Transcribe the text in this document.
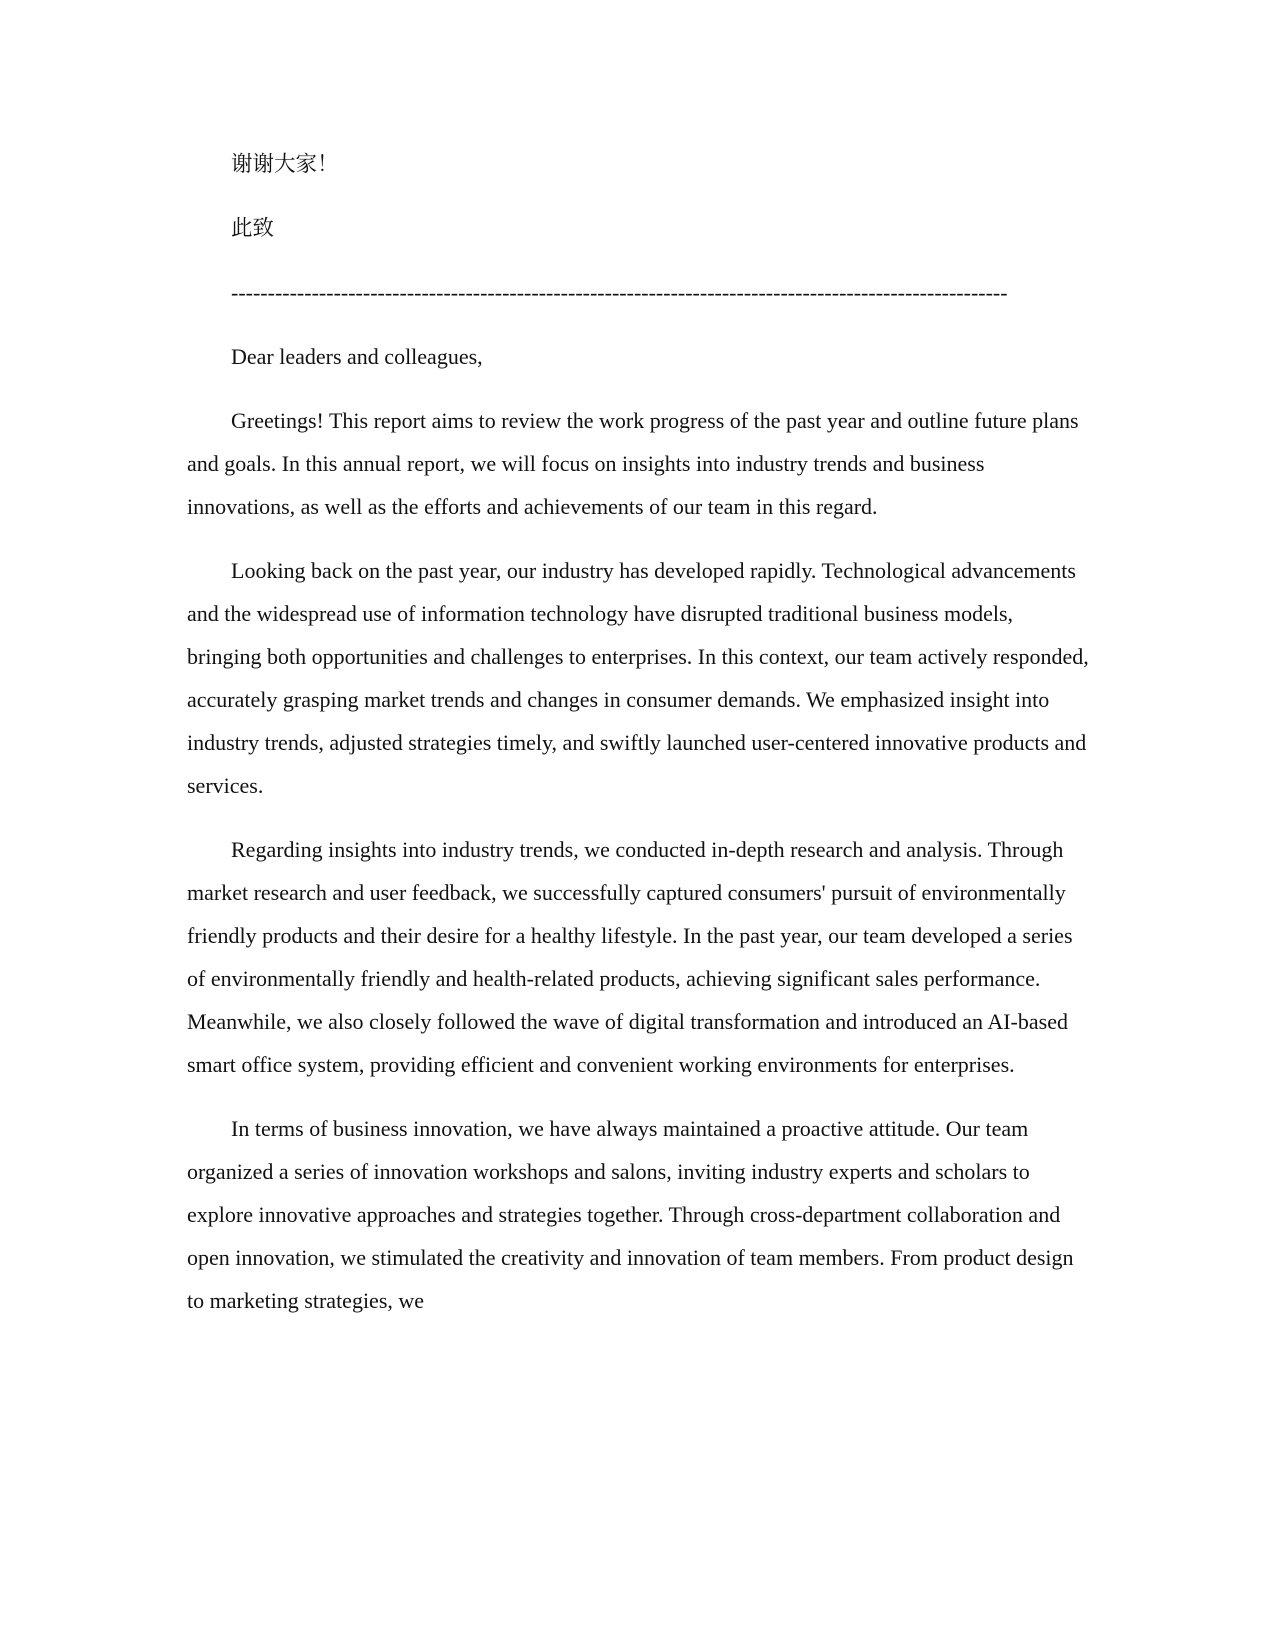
谢谢大家！

此致

----------------------------------------------------------------------------------------------------------

Dear leaders and colleagues,

Greetings! This report aims to review the work progress of the past year and outline future plans and goals. In this annual report, we will focus on insights into industry trends and business innovations, as well as the efforts and achievements of our team in this regard.

Looking back on the past year, our industry has developed rapidly. Technological advancements and the widespread use of information technology have disrupted traditional business models, bringing both opportunities and challenges to enterprises. In this context, our team actively responded, accurately grasping market trends and changes in consumer demands. We emphasized insight into industry trends, adjusted strategies timely, and swiftly launched user-centered innovative products and services.

Regarding insights into industry trends, we conducted in-depth research and analysis. Through market research and user feedback, we successfully captured consumers' pursuit of environmentally friendly products and their desire for a healthy lifestyle. In the past year, our team developed a series of environmentally friendly and health-related products, achieving significant sales performance. Meanwhile, we also closely followed the wave of digital transformation and introduced an AI-based smart office system, providing efficient and convenient working environments for enterprises.

In terms of business innovation, we have always maintained a proactive attitude. Our team organized a series of innovation workshops and salons, inviting industry experts and scholars to explore innovative approaches and strategies together. Through cross-department collaboration and open innovation, we stimulated the creativity and innovation of team members. From product design to marketing strategies, we
